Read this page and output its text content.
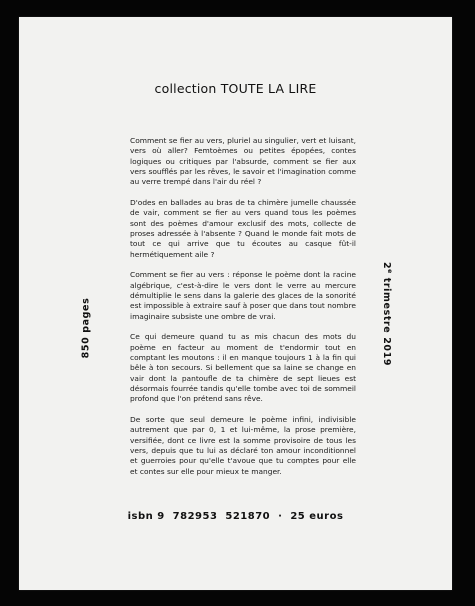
collection TOUTE LA LIRE

Comment se fier au vers, pluriel au singulier, vert et luisant, vers où aller? Femtoèmes ou petites épopées, contes logiques ou critiques par l'absurde, comment se fier aux vers soufflés par les rêves, le savoir et l'imagination comme au verre trempé dans l'air du réel ?

D'odes en ballades au bras de ta chimère jumelle chaussée de vair, comment se fier au vers quand tous les poèmes sont des poèmes d'amour exclusif des mots, collecte de proses adressée à l'absente ? Quand le monde fait mots de tout ce qui arrive que tu écoutes au casque fût-il hermétiquement aile ?

Comment se fier au vers : réponse le poème dont la racine algébrique, c'est-à-dire le vers dont le verre au mercure démultiplie le sens dans la galerie des glaces de la sonorité est impossible à extraire sauf à poser que dans tout nombre imaginaire subsiste une ombre de vrai.

Ce qui demeure quand tu as mis chacun des mots du poème en facteur au moment de t'endormir tout en comptant les moutons : il en manque toujours 1 à la fin qui bêle à ton secours. Si bellement que sa laine se change en vair dont la pantoufle de ta chimère de sept lieues est désormais fourrée tandis qu'elle tombe avec toi de sommeil profond que l'on prétend sans rêve.

De sorte que seul demeure le poème infini, indivisible autrement que par 0, 1 et lui-même, la prose première, versifiée, dont ce livre est la somme provisoire de tous les vers, depuis que tu lui as déclaré ton amour inconditionnel et guerroies pour qu'elle t'avoue que tu comptes pour elle et contes sur elle pour mieux te manger.

850 pages
2e trimestre 2019
isbn 9  782953  521870  ·  25 euros
